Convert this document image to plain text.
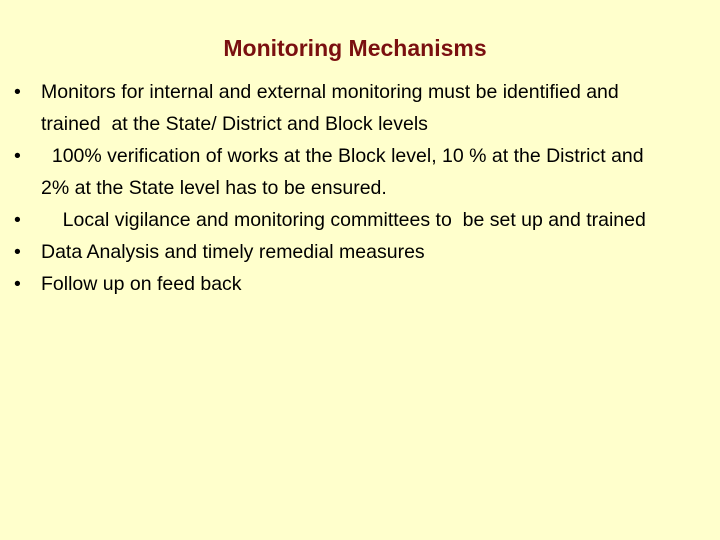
Monitoring Mechanisms
•	Monitors for internal and external monitoring must be identified and trained  at the State/ District and Block levels
•	100% verification of works at the Block level, 10 % at the District and 2% at the State level has to be ensured.
•	Local vigilance and monitoring committees to  be set up and trained
•	Data Analysis and timely remedial measures
•	Follow up on feed back
